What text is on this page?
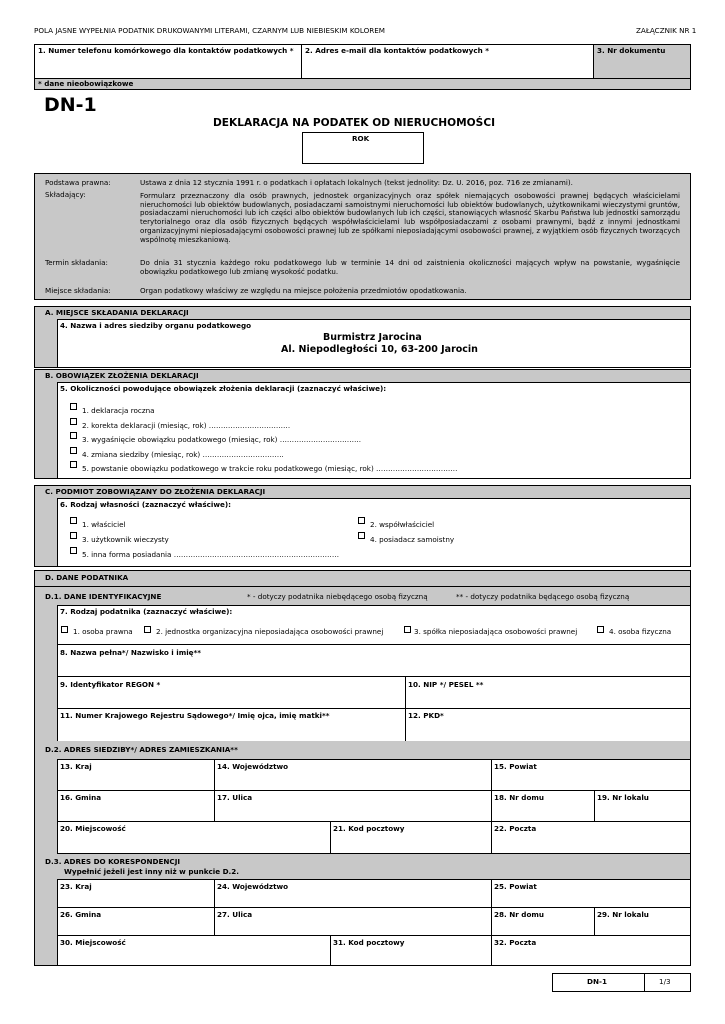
POLA JASNE WYPEŁNIA PODATNIK DRUKOWANYMI LITERAMI, CZARNYM LUB NIEBIESKIM KOLOREM	ZAŁĄCZNIK NR 1
1. Numer telefonu komórkowego dla kontaktów podatkowych * 2. Adres e-mail dla kontaktów podatkowych *	3. Nr dokumentu
* dane nieobowiązkowe
DN-1
DEKLARACJA NA PODATEK OD NIERUCHOMOŚCI
ROK
Podstawa prawna:	Ustawa z dnia 12 stycznia 1991 r. o podatkach i opłatach lokalnych (tekst jednolity: Dz. U. 2016, poz. 716 ze zmianami).
Składający:	Formularz przeznaczony dla osób prawnych, jednostek organizacyjnych oraz spółek niemających osobowości prawnej będących właścicielami nieruchomości lub obiektów budowlanych, posiadaczami samoistnymi nieruchomości lub obiektów budowlanych, użytkownikami wieczystymi gruntów, posiadaczami nieruchomości lub ich części albo obiektów budowlanych lub ich części, stanowiących własność Skarbu Państwa lub jednostki samorządu terytorialnego oraz dla osób fizycznych będących współwłaścicielami lub współposiadaczami z osobami prawnymi, bądź z innymi jednostkami organizacyjnymi niepiosadającymi osobowości prawnej lub ze spółkami nieposiadającymi osobowości prawnej, z wyjątkiem osób fizycznych tworzących wspólnotę mieszkaniową.
Termin składania:	Do dnia 31 stycznia każdego roku podatkowego lub w terminie 14 dni od zaistnienia okoliczności mających wpływ na powstanie, wygaśnięcie obowiązku podatkowego lub zmianę wysokość podatku.
Miejsce składania:	Organ podatkowy właściwy ze względu na miejsce położenia przedmiotów opodatkowania.
A. MIEJSCE SKŁADANIA DEKLARACJI
4. Nazwa i adres siedziby organu podatkowego
Burmistrz Jarocina
Al. Niepodległości 10, 63-200 Jarocin
B. OBOWIĄZEK ZŁOŻENIA DEKLARACJI
5. Okoliczności powodujące obowiązek złożenia deklaracji (zaznaczyć właściwe):
1. deklaracja roczna
2. korekta deklaracji (miesiąc, rok) …………………………….
3. wygaśnięcie obowiązku podatkowego (miesiąc, rok) …………………………….
4. zmiana siedziby (miesiąc, rok) …………………………….
5. powstanie obowiązku podatkowego w trakcie roku podatkowego (miesiąc, rok) …………………………….
C. PODMIOT ZOBOWIĄZANY DO ZŁOŻENIA DEKLARACJI
6. Rodzaj własności (zaznaczyć właściwe):
1. właściciel	2. współwłaściciel
3. użytkownik wieczysty	4. posiadacz samoistny
5. inna forma posiadania ……………………………………………………………
D. DANE PODATNIKA
D.1. DANE IDENTYFIKACYJNE	* - dotyczy podatnika niebędącego osobą fizyczną	** - dotyczy podatnika będącego osobą fizyczną
7. Rodzaj podatnika (zaznaczyć właściwe):
1. osoba prawna	2. jednostka organizacyjna nieposiadająca osobowości prawnej	3. spółka nieposiadająca osobowości prawnej	4. osoba fizyczna
8. Nazwa pełna*/ Nazwisko i imię**
9. Identyfikator REGON *	10. NIP */ PESEL **
11. Numer Krajowego Rejestru Sądowego*/ Imię ojca, imię matki**	12. PKD*
D.2. ADRES SIEDZIBY*/ ADRES ZAMIESZKANIA**
13. Kraj	14. Województwo	15. Powiat
16. Gmina	17. Ulica	18. Nr domu	19. Nr lokalu
20. Miejscowość	21. Kod pocztowy	22. Poczta
D.3. ADRES DO KORESPONDENCJI
Wypełnić jeżeli jest inny niż w punkcie D.2.
23. Kraj	24. Województwo	25. Powiat
26. Gmina	27. Ulica	28. Nr domu	29. Nr lokalu
30. Miejscowość	31. Kod pocztowy	32. Poczta
DN-1	1/3
